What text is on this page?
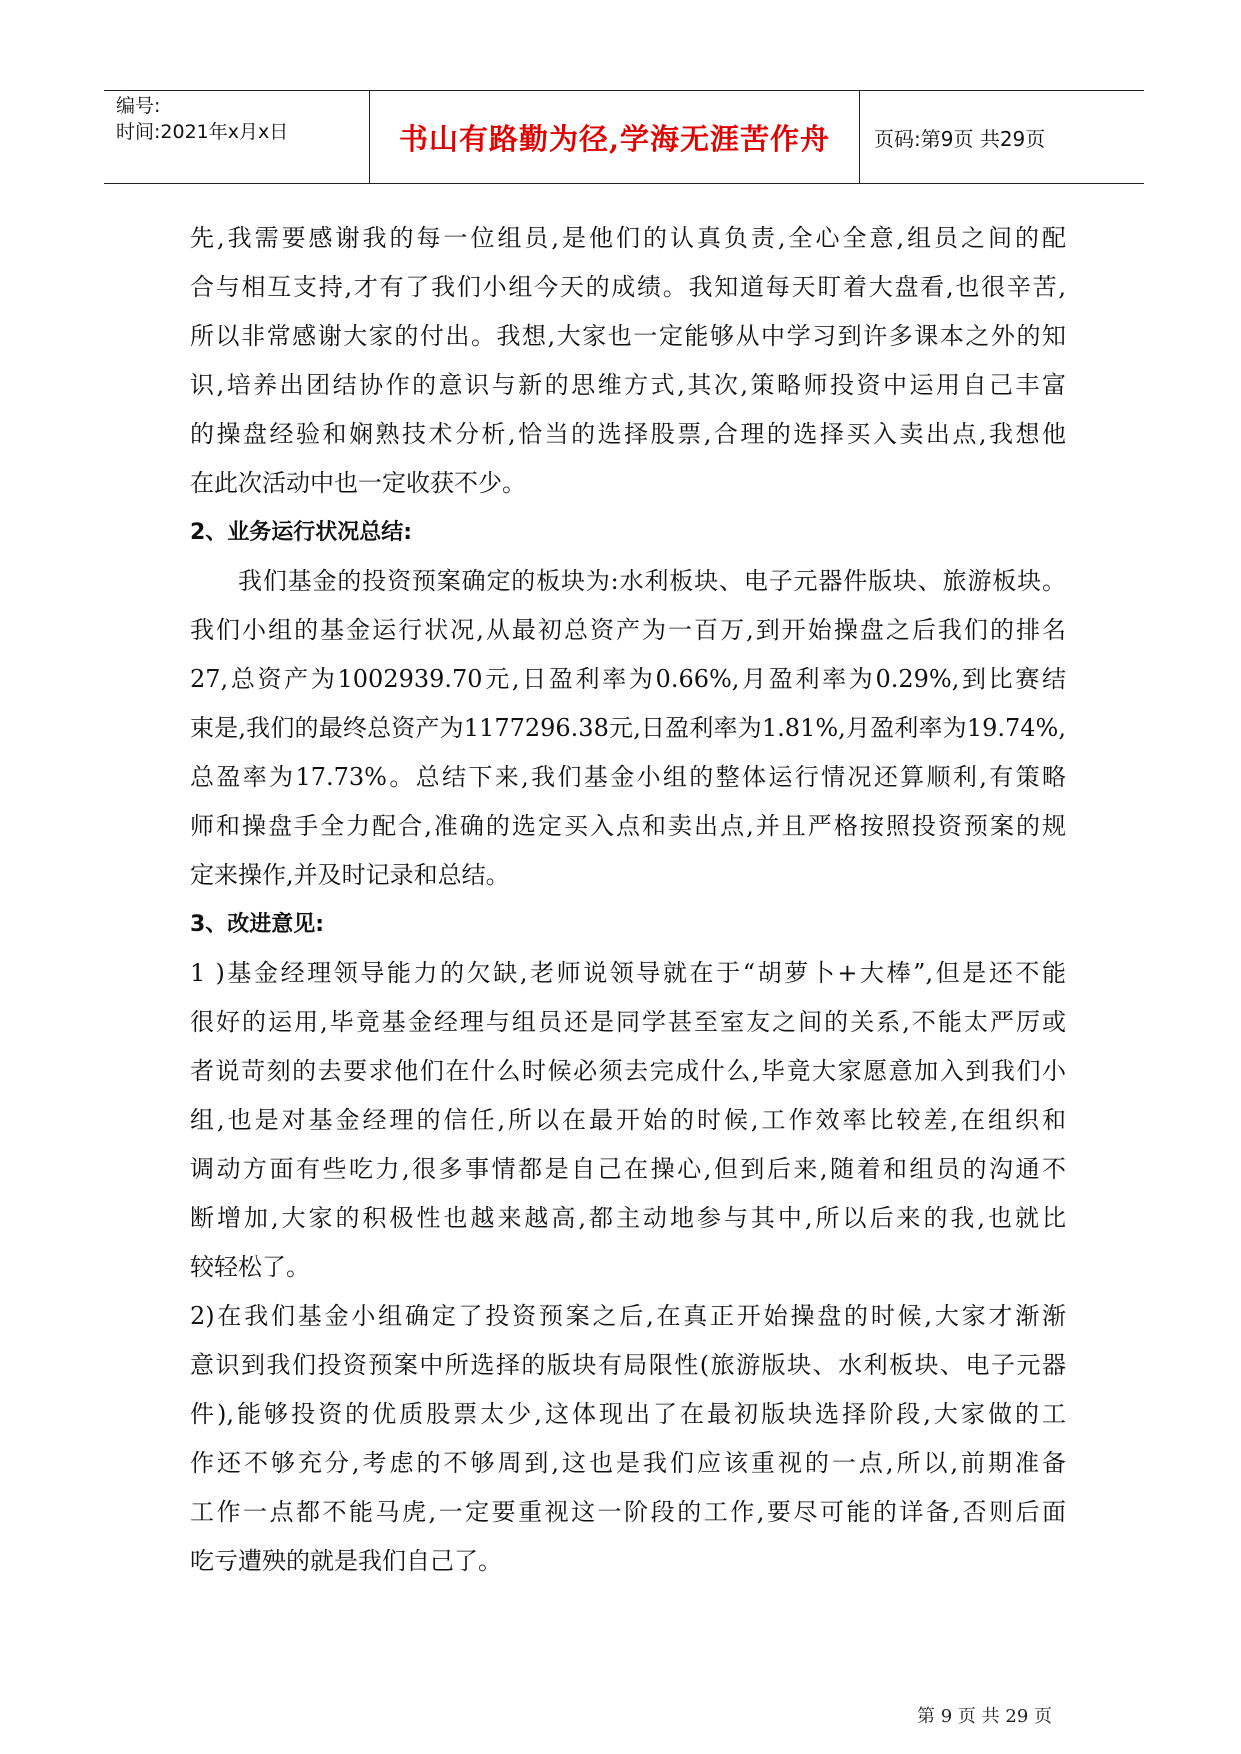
编号:
时间:2021年x月x日	书山有路勤为径,学海无涯苦作舟	页码:第9页 共29页
先,我需要感谢我的每一位组员,是他们的认真负责,全心全意,组员之间的配
合与相互支持,才有了我们小组今天的成绩。我知道每天盯着大盘看,也很辛苦,
所以非常感谢大家的付出。我想,大家也一定能够从中学习到许多课本之外的知
识,培养出团结协作的意识与新的思维方式,其次,策略师投资中运用自己丰富
的操盘经验和娴熟技术分析,恰当的选择股票,合理的选择买入卖出点,我想他
在此次活动中也一定收获不少。
2、业务运行状况总结:
我们基金的投资预案确定的板块为:水利板块、电子元器件版块、旅游板块。
我们小组的基金运行状况,从最初总资产为一百万,到开始操盘之后我们的排名
27,总资产为1002939.70元,日盈利率为0.66%,月盈利率为0.29%,到比赛结
束是,我们的最终总资产为1177296.38元,日盈利率为1.81%,月盈利率为19.74%,
总盈率为17.73%。总结下来,我们基金小组的整体运行情况还算顺利,有策略
师和操盘手全力配合,准确的选定买入点和卖出点,并且严格按照投资预案的规
定来操作,并及时记录和总结。
3、改进意见:
1 )基金经理领导能力的欠缺,老师说领导就在于“胡萝卜+大棒”,但是还不能
很好的运用,毕竟基金经理与组员还是同学甚至室友之间的关系,不能太严厉或
者说苛刻的去要求他们在什么时候必须去完成什么,毕竟大家愿意加入到我们小
组,也是对基金经理的信任,所以在最开始的时候,工作效率比较差,在组织和
调动方面有些吃力,很多事情都是自己在操心,但到后来,随着和组员的沟通不
断增加,大家的积极性也越来越高,都主动地参与其中,所以后来的我,也就比
较轻松了。
2)在我们基金小组确定了投资预案之后,在真正开始操盘的时候,大家才渐渐
意识到我们投资预案中所选择的版块有局限性(旅游版块、水利板块、电子元器
件),能够投资的优质股票太少,这体现出了在最初版块选择阶段,大家做的工
作还不够充分,考虑的不够周到,这也是我们应该重视的一点,所以,前期准备
工作一点都不能马虎,一定要重视这一阶段的工作,要尽可能的详备,否则后面
吃亏遭殃的就是我们自己了。
第 9 页 共 29 页
